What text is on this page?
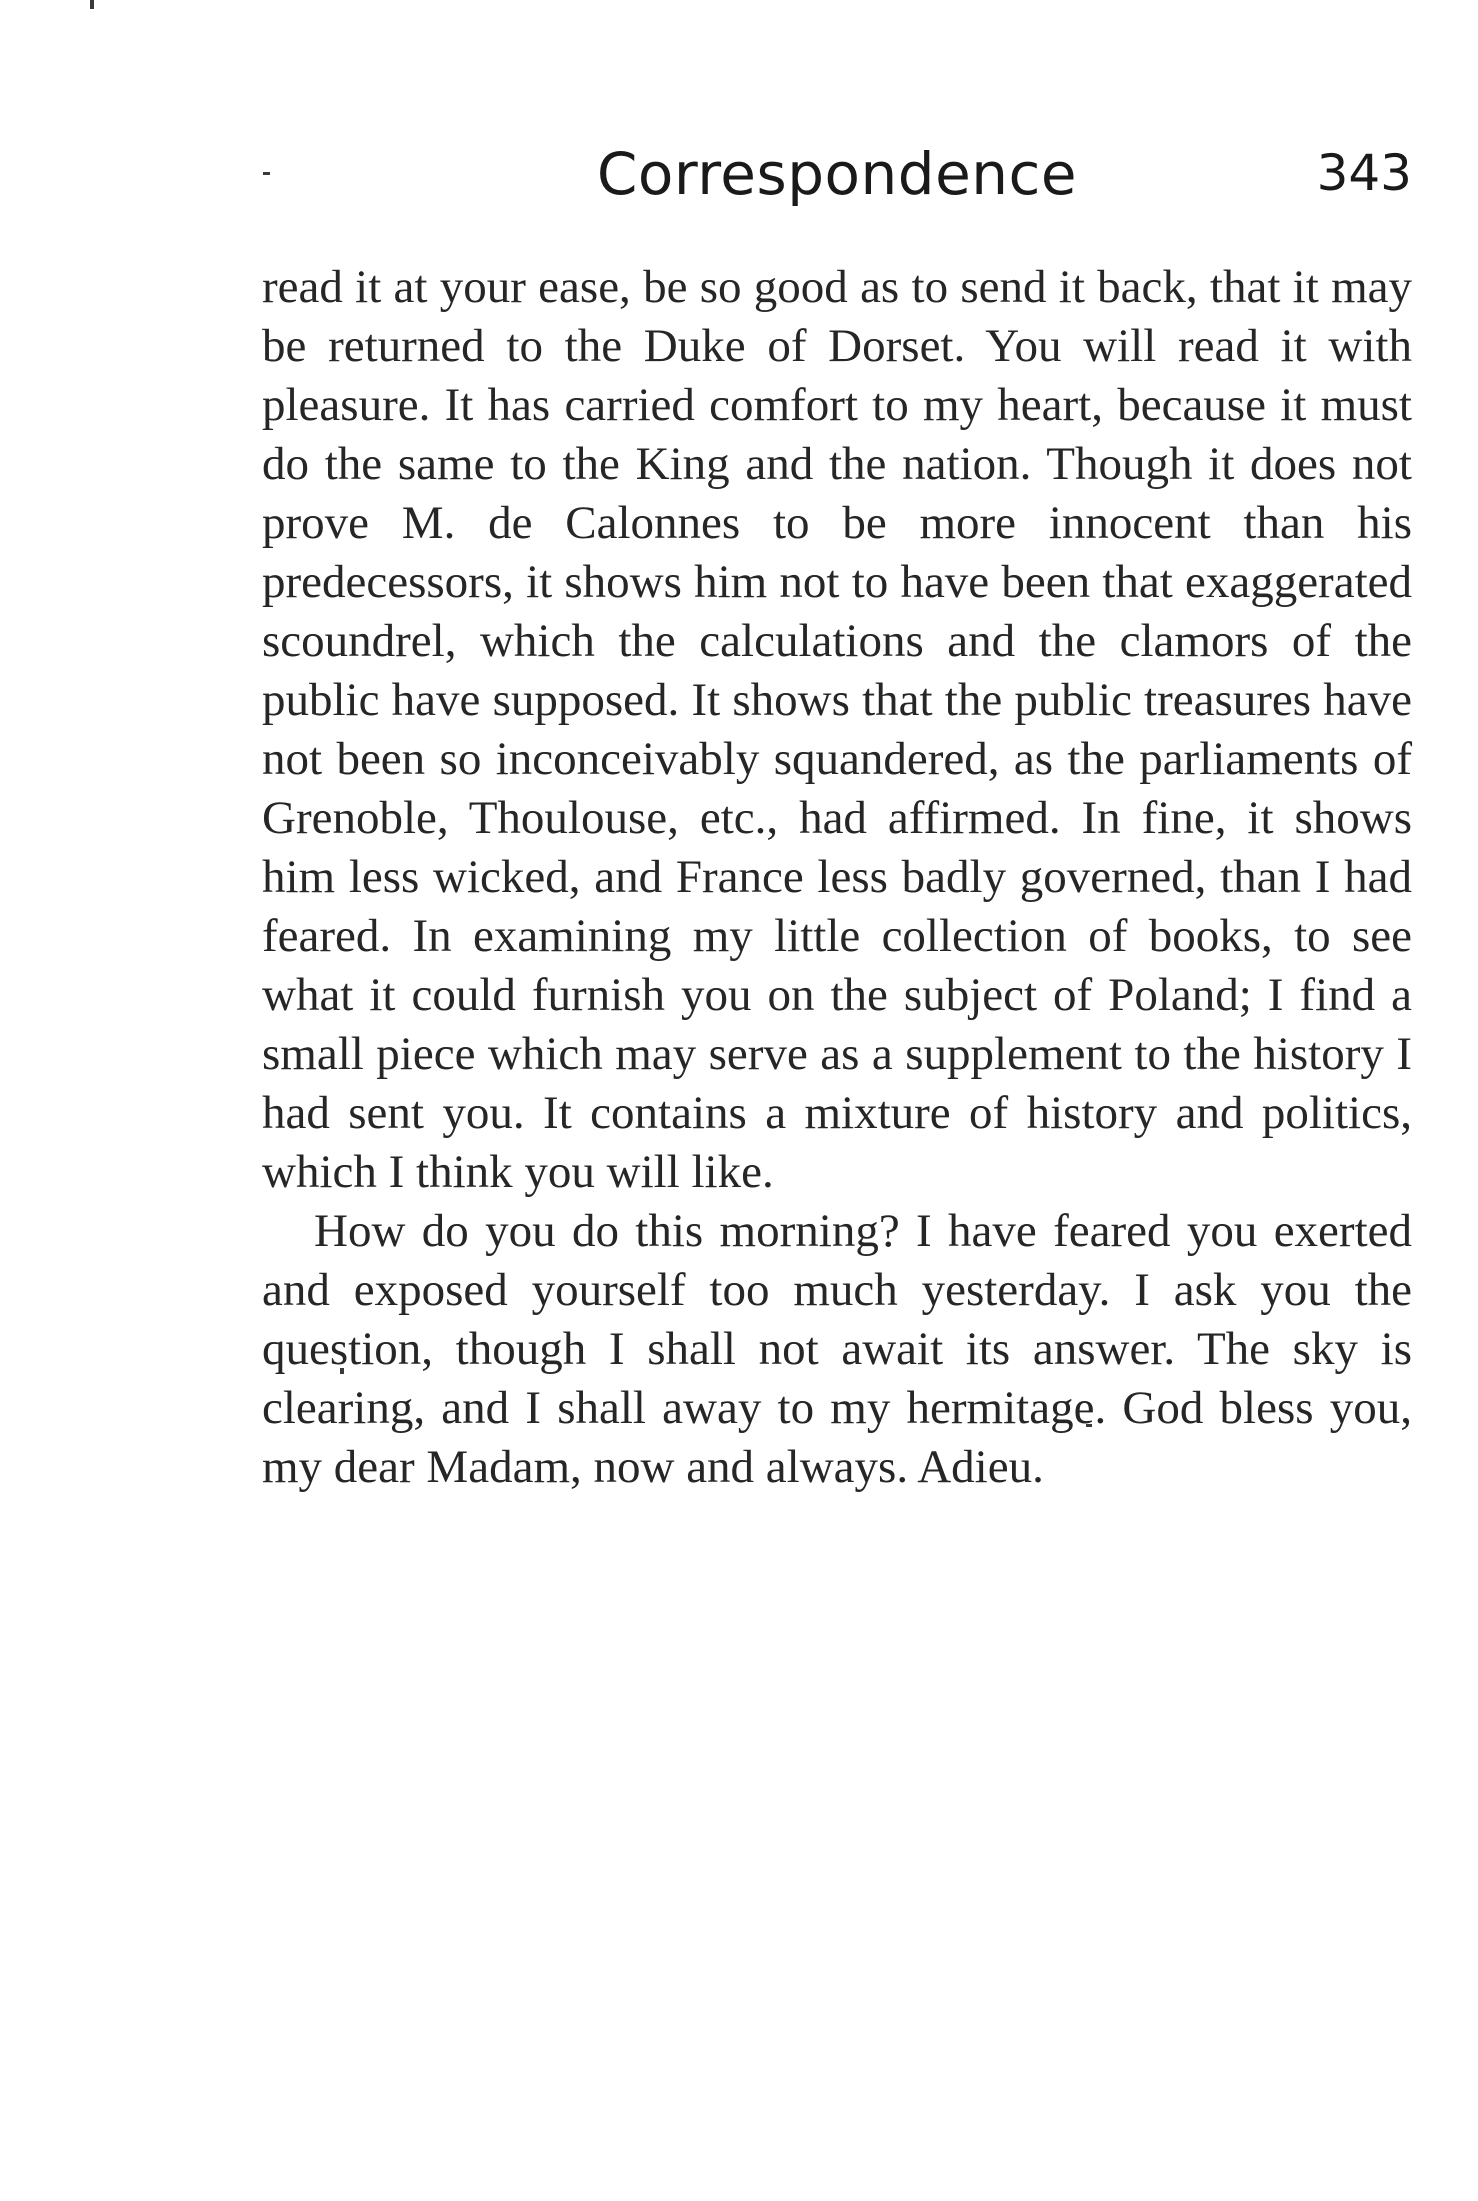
Correspondence	343

read it at your ease, be so good as to send it back, that it may be returned to the Duke of Dorset. You will read it with pleasure. It has carried comfort to my heart, because it must do the same to the King and the nation. Though it does not prove M. de Calonnes to be more innocent than his predecessors, it shows him not to have been that exaggerated scoundrel, which the calculations and the clamors of the public have supposed. It shows that the public treasures have not been so inconceivably squandered, as the parliaments of Grenoble, Thoulouse, etc., had affirmed. In fine, it shows him less wicked, and France less badly governed, than I had feared. In examining my little collection of books, to see what it could furnish you on the subject of Poland; I find a small piece which may serve as a supplement to the history I had sent you. It contains a mixture of history and politics, which I think you will like.

How do you do this morning? I have feared you exerted and exposed yourself too much yesterday. I ask you the question, though I shall not await its answer. The sky is clearing, and I shall away to my hermitage. God bless you, my dear Madam, now and always. Adieu.
